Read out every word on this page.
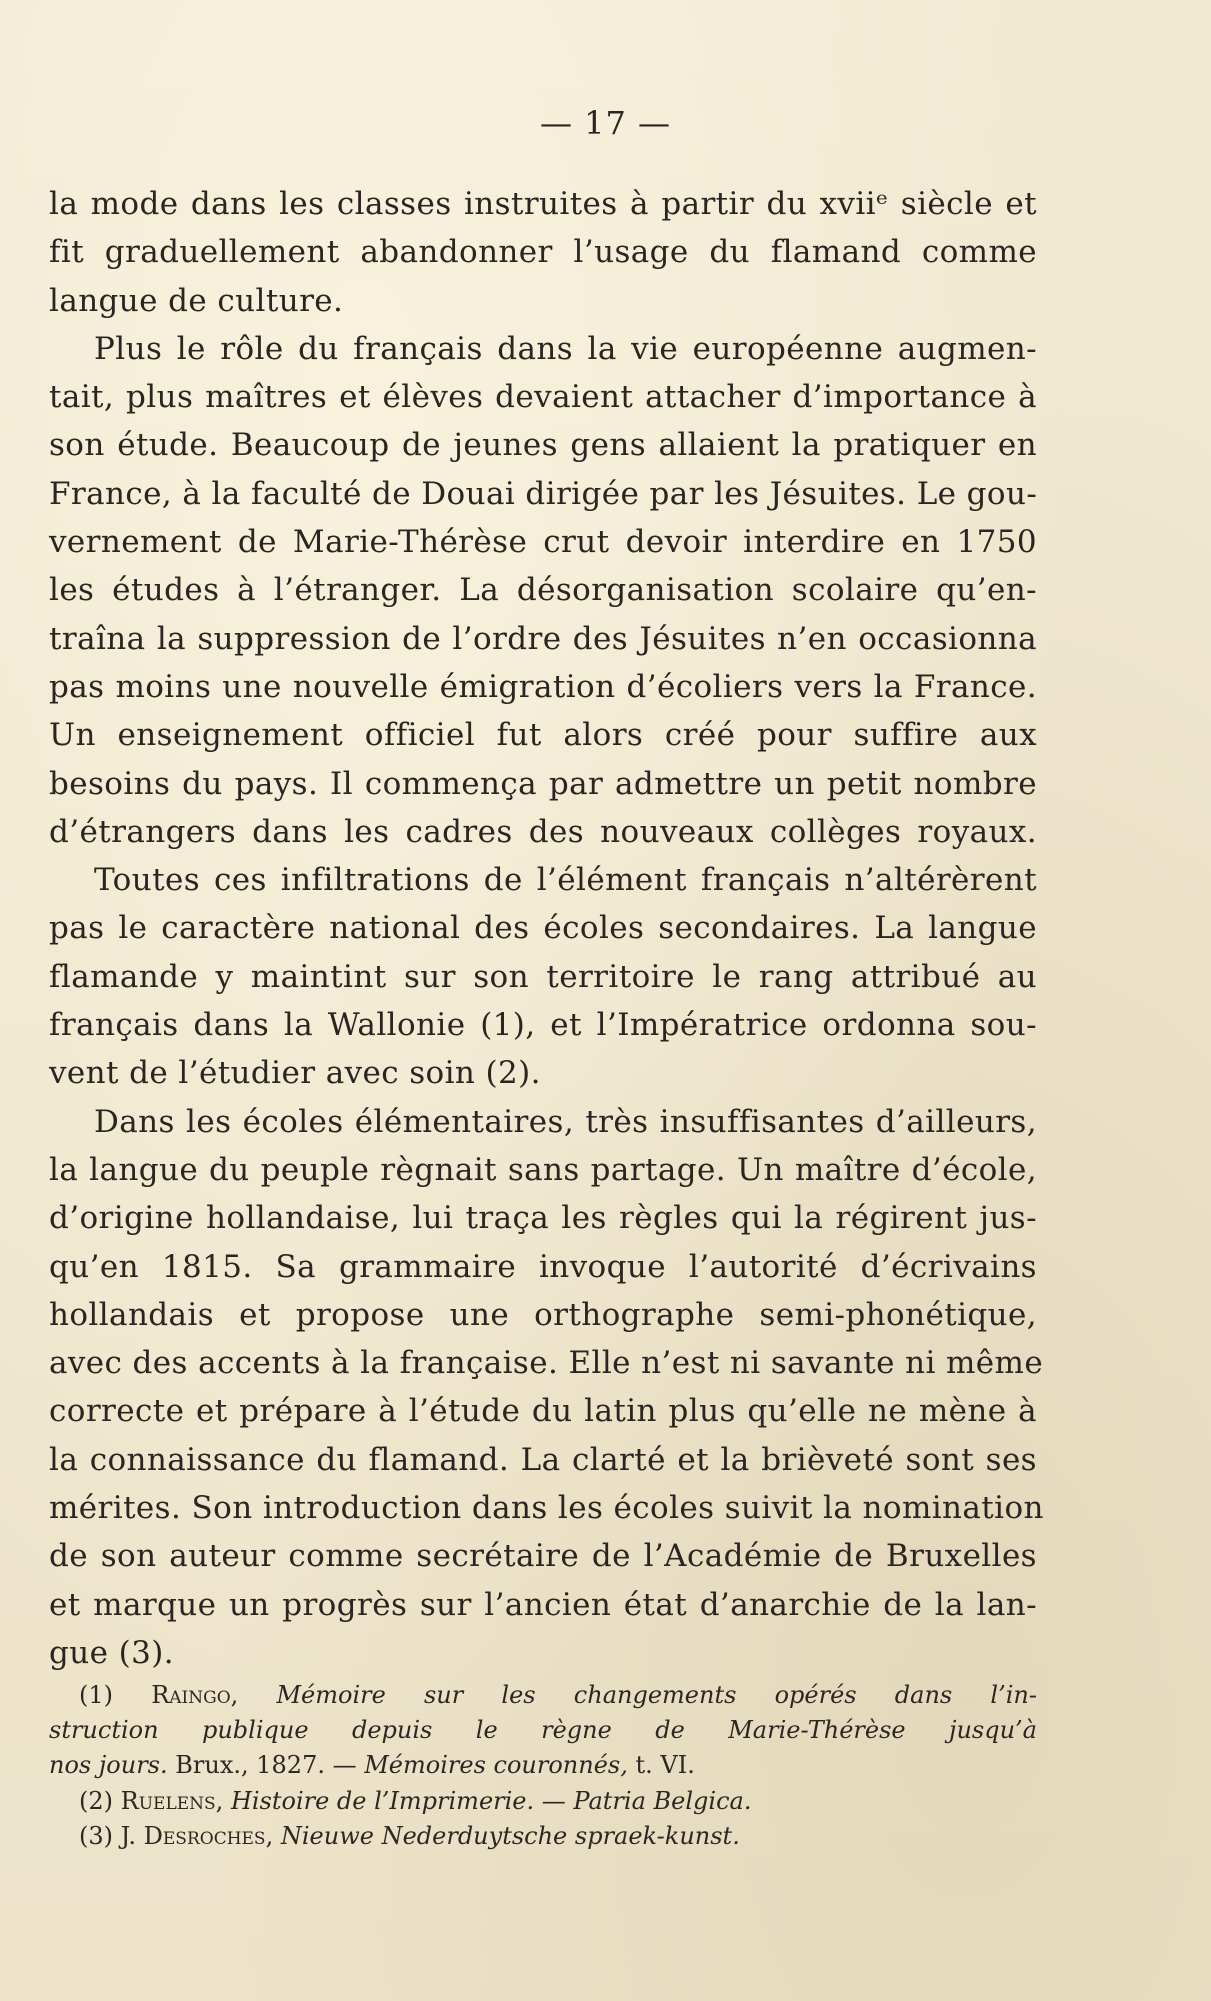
— 17 —
la mode dans les classes instruites à partir du xviiᵉ siècle et
fit graduellement abandonner l’usage du flamand comme
langue de culture.
Plus le rôle du français dans la vie européenne augmen-
tait, plus maîtres et élèves devaient attacher d’importance à
son étude. Beaucoup de jeunes gens allaient la pratiquer en
France, à la faculté de Douai dirigée par les Jésuites. Le gou-
vernement de Marie-Thérèse crut devoir interdire en 1750
les études à l’étranger. La désorganisation scolaire qu’en-
traîna la suppression de l’ordre des Jésuites n’en occasionna
pas moins une nouvelle émigration d’écoliers vers la France.
Un enseignement officiel fut alors créé pour suffire aux
besoins du pays. Il commença par admettre un petit nombre
d’étrangers dans les cadres des nouveaux collèges royaux.
Toutes ces infiltrations de l’élément français n’altérèrent
pas le caractère national des écoles secondaires. La langue
flamande y maintint sur son territoire le rang attribué au
français dans la Wallonie (1), et l’Impératrice ordonna sou-
vent de l’étudier avec soin (2).
Dans les écoles élémentaires, très insuffisantes d’ailleurs,
la langue du peuple règnait sans partage. Un maître d’école,
d’origine hollandaise, lui traça les règles qui la régirent jus-
qu’en 1815. Sa grammaire invoque l’autorité d’écrivains
hollandais et propose une orthographe semi-phonétique,
avec des accents à la française. Elle n’est ni savante ni même
correcte et prépare à l’étude du latin plus qu’elle ne mène à
la connaissance du flamand. La clarté et la brièveté sont ses
mérites. Son introduction dans les écoles suivit la nomination
de son auteur comme secrétaire de l’Académie de Bruxelles
et marque un progrès sur l’ancien état d’anarchie de la lan-
gue (3).
(1) Raingo, Mémoire sur les changements opérés dans l’in-
struction publique depuis le règne de Marie-Thérèse jusqu’à
nos jours. Brux., 1827. — Mémoires couronnés, t. VI.
(2) Ruelens, Histoire de l’Imprimerie. — Patria Belgica.
(3) J. Desroches, Nieuwe Nederduytsche spraek-kunst.
